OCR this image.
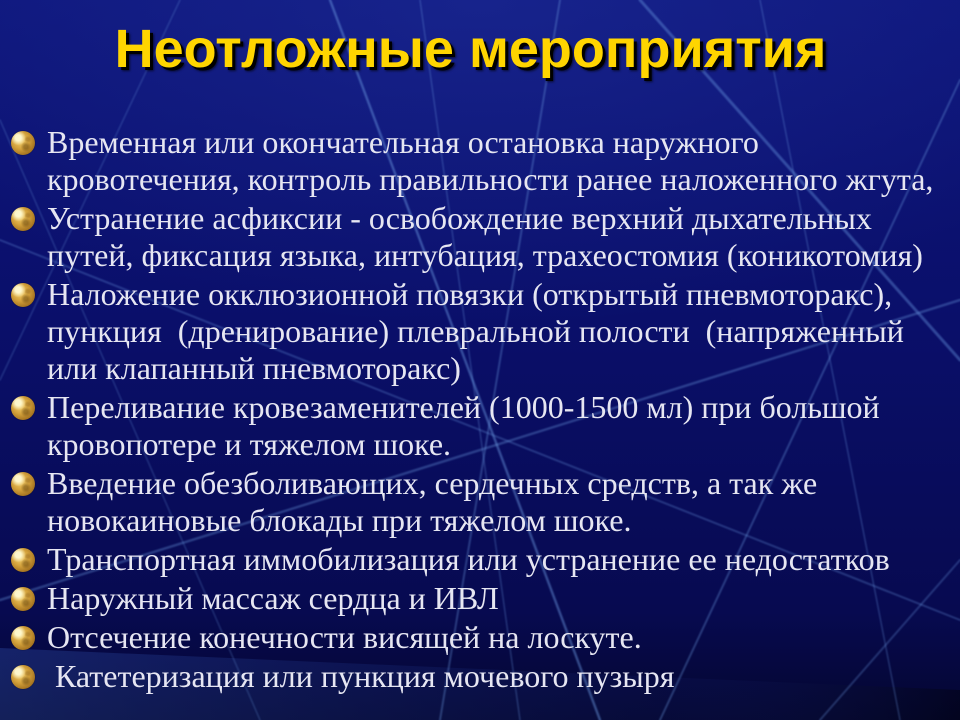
Неотложные мероприятия
Временная или окончательная остановка наружного
кровотечения, контроль правильности ранее наложенного жгута,
Устранение асфиксии - освобождение верхний дыхательных
путей, фиксация языка, интубация, трахеостомия (коникотомия)
Наложение окклюзионной повязки (открытый пневмоторакс),
пункция  (дренирование) плевральной полости  (напряженный
или клапанный пневмоторакс)
Переливание кровезаменителей (1000-1500 мл) при большой
кровопотере и тяжелом шоке.
Введение обезболивающих, сердечных средств, а так же
новокаиновые блокады при тяжелом шоке.
Транспортная иммобилизация или устранение ее недостатков
Наружный массаж сердца и ИВЛ
Отсечение конечности висящей на лоскуте.
Катетеризация или пункция мочевого пузыря
